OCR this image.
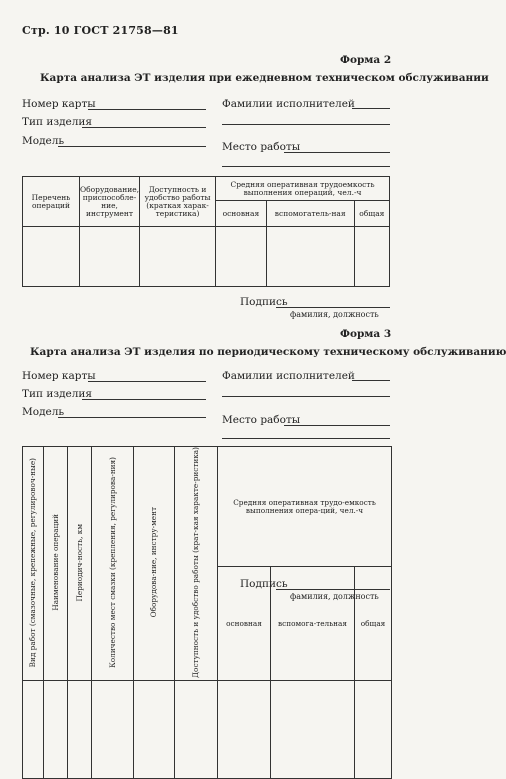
Стр. 10 ГОСТ 21758—81
Форма 2
Карта анализа ЭТ изделия при ежедневном техническом обслуживании
Номер карты	Фамилии исполнителей
Тип изделия
Модель	Место работы
Перечень операций	Оборудование, приспособле-ние, инструмент	Доступность и удобство работы (краткая харак-теристика)	Средняя оперативная трудоемкость выполнения операций, чел.-ч		
			основная	вспомогатель-ная	общая

Подпись
фамилия, должность
Форма 3
Карта анализа ЭТ изделия по периодическому техническому обслуживанию
Номер карты	Фамилии исполнителей
Тип изделия
Модель
Место работы
Вид работ (смазочные, крепежные, регулировоч-ные)	Наименование операций	Периодич-ность, км	Количество мест смазки (крепления, регулирова-ния)	Оборудова-ние, инстру-мент	Доступность и удобство работы (крат-кая характе-ристика)	Средняя оперативная трудо-емкость выполнения опера-ций, чел.-ч		
						основная	вспомога-тельная	общая

Подпись
фамилия, должность
